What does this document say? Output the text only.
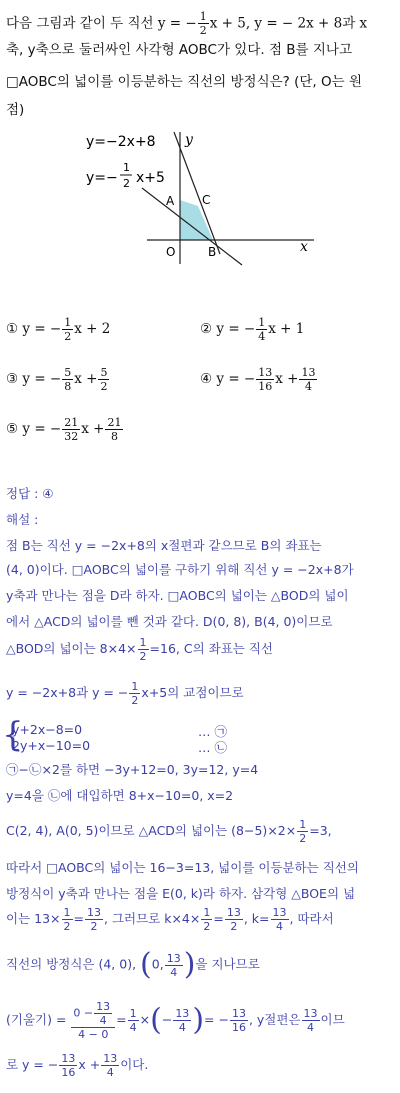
다음 그림과 같이 두 직선 y = − $\frac{1}{2}$ x + 5, y = − 2x + 8과 x
축, y축으로 둘러싸인 사각형 AOBC가 있다. 점 B를 지나고
□AOBC의 넓이를 이등분하는 직선의 방정식은? (단, O는 원
점)
y=−2x+8 y
x
y=−
1
2 x+5
A C
O	B
① y = − $\frac{1}{2}$ x + 2	② y = − $\frac{1}{4}$ x + 1
③ y = − $\frac{5}{8}$ $x + \frac{5}{2}$	④ y = − $\frac{13}{16}$ $x + \frac{13}{4}$
⑤ y = − $\frac{21}{32}$ $x + \frac{21}{8}$
정답 : ④
해설 :
점 B는 직선 y = −2x+8의 x절편과 같으므로 B의 좌표는
(4, 0)이다. □AOBC의 넓이를 구하기 위해 직선 y = −2x+8가
y축과 만나는 점을 D라 하자. □AOBC의 넓이는 △BOD의 넓이
에서 △ACD의 넓이를 뺀 것과 같다. D(0, 8), B(4, 0)이므로
△BOD의 넓이는 $8\times 4\times \frac{1}{2} =16$, C의 좌표는 직선
y = −2x+8과 y = − $\frac{1}{2} x+5$의 교점이므로
{
y+2x−8=0
2y+x−10=0
… ㉠
… ㉡
㉠−㉡×2를 하면 −3y+12=0, 3y=12, y=4
y=4을 ㉡에 대입하면 8+x−10=0, x=2
C(2, 4), A(0, 5)이므로 △ACD의 넓이는 $(8-5)\times 2\times \frac{1}{2} =3$,
따라서 □AOBC의 넓이는 16−3=13, 넓이를 이등분하는 직선의
방정식이 y축과 만나는 점을 E(0, k)라 하자. 삼각형 △BOE의 넓
이는 $13\times \frac{1}{2} = \frac{13}{2}$ , 그러므로 $k\times 4\times \frac{1}{2} = \frac{13}{2}$ , $k= \frac{13}{4}$ , 따라서
직선의 방정식은 (4, 0), (0, $\frac{13}{4}$ )을 지나므로
(기울기) = $\frac{0 - \frac{13}{4}}{4 - 0} = \frac{1}{4}$ ×(− $\frac{13}{4}$ )= − $\frac{13}{16}$ , y절편은 $\frac{13}{4}$ 이므
로 y = − $\frac{13}{16}$ $x + \frac{13}{4}$ 이다.
